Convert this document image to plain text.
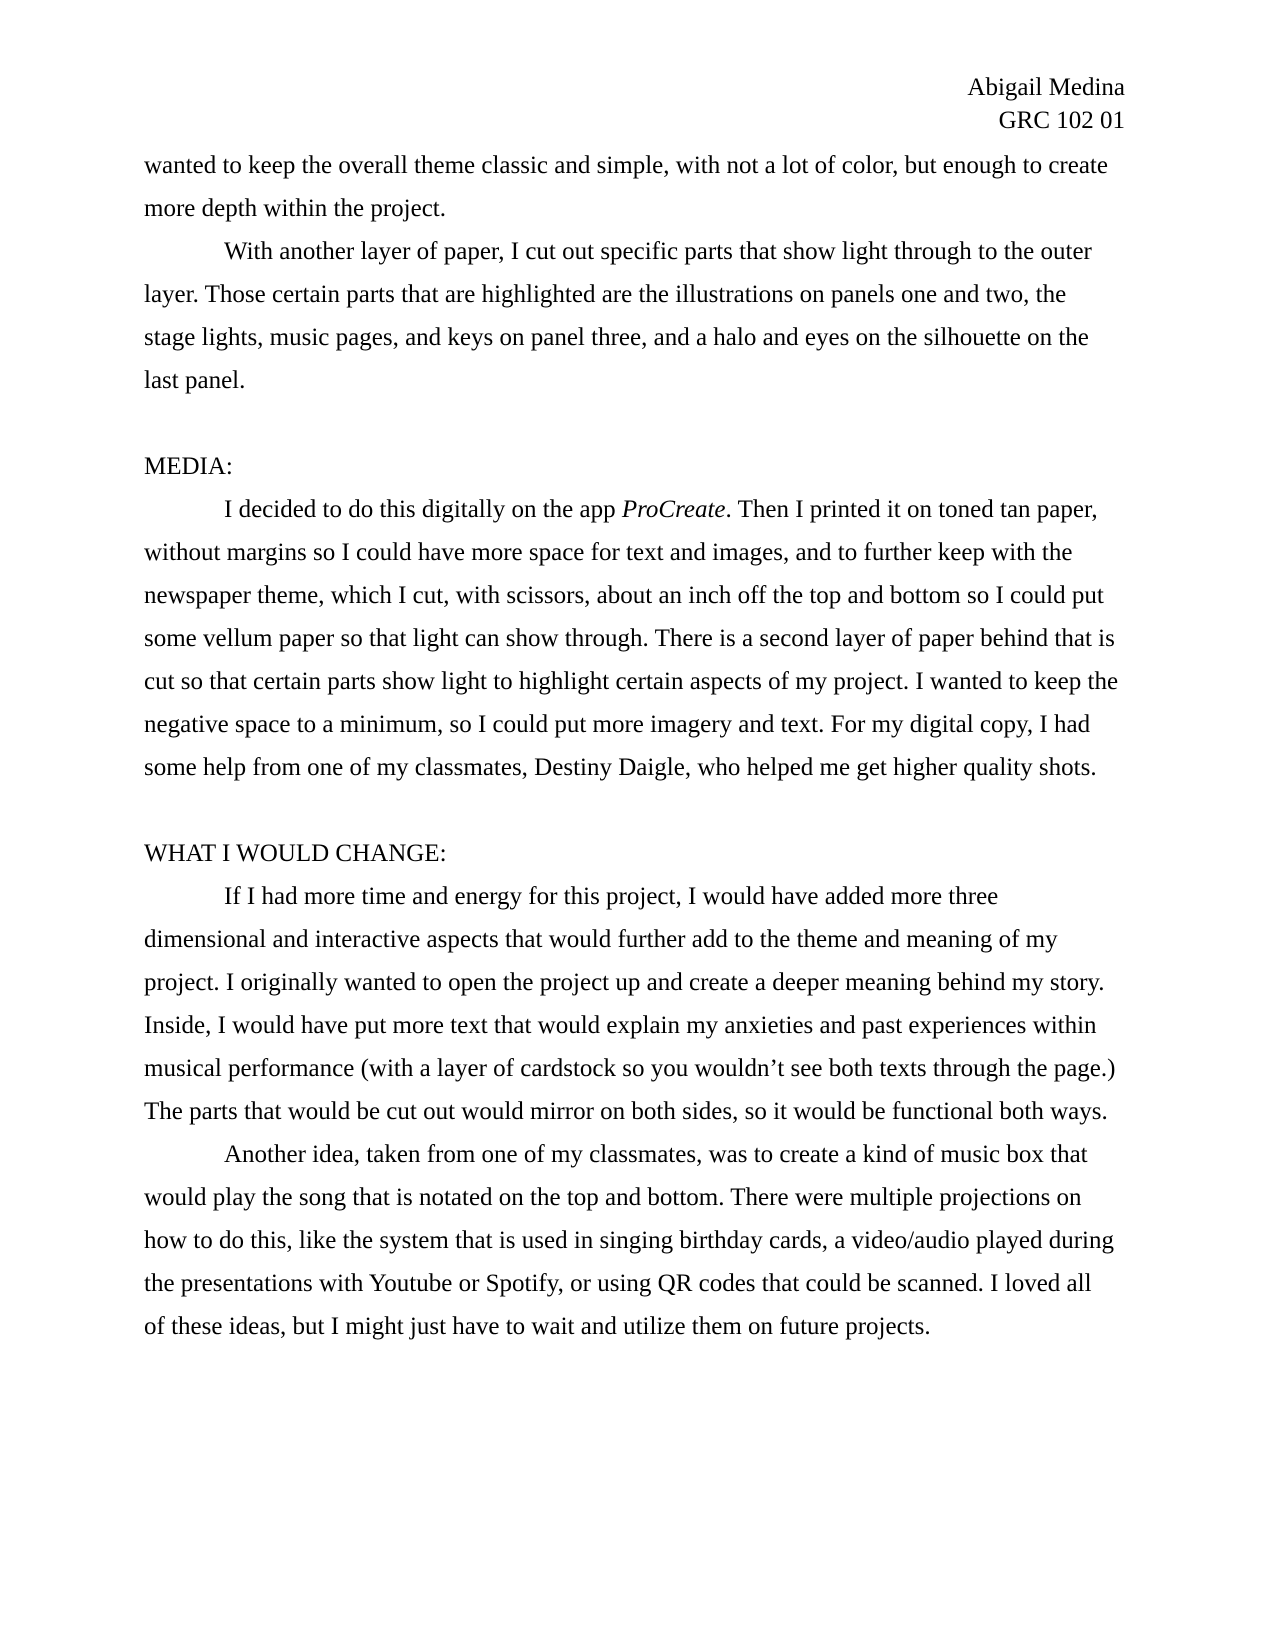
Abigail Medina
GRC 102 01
wanted to keep the overall theme classic and simple, with not a lot of color, but enough to create
more depth within the project.
With another layer of paper, I cut out specific parts that show light through to the outer
layer. Those certain parts that are highlighted are the illustrations on panels one and two, the
stage lights, music pages, and keys on panel three, and a halo and eyes on the silhouette on the
last panel.
MEDIA:
I decided to do this digitally on the app ProCreate. Then I printed it on toned tan paper,
without margins so I could have more space for text and images, and to further keep with the
newspaper theme, which I cut, with scissors, about an inch off the top and bottom so I could put
some vellum paper so that light can show through. There is a second layer of paper behind that is
cut so that certain parts show light to highlight certain aspects of my project. I wanted to keep the
negative space to a minimum, so I could put more imagery and text. For my digital copy, I had
some help from one of my classmates, Destiny Daigle, who helped me get higher quality shots.
WHAT I WOULD CHANGE:
If I had more time and energy for this project, I would have added more three
dimensional and interactive aspects that would further add to the theme and meaning of my
project. I originally wanted to open the project up and create a deeper meaning behind my story.
Inside, I would have put more text that would explain my anxieties and past experiences within
musical performance (with a layer of cardstock so you wouldn’t see both texts through the page.)
The parts that would be cut out would mirror on both sides, so it would be functional both ways.
Another idea, taken from one of my classmates, was to create a kind of music box that
would play the song that is notated on the top and bottom. There were multiple projections on
how to do this, like the system that is used in singing birthday cards, a video/audio played during
the presentations with Youtube or Spotify, or using QR codes that could be scanned. I loved all
of these ideas, but I might just have to wait and utilize them on future projects.
